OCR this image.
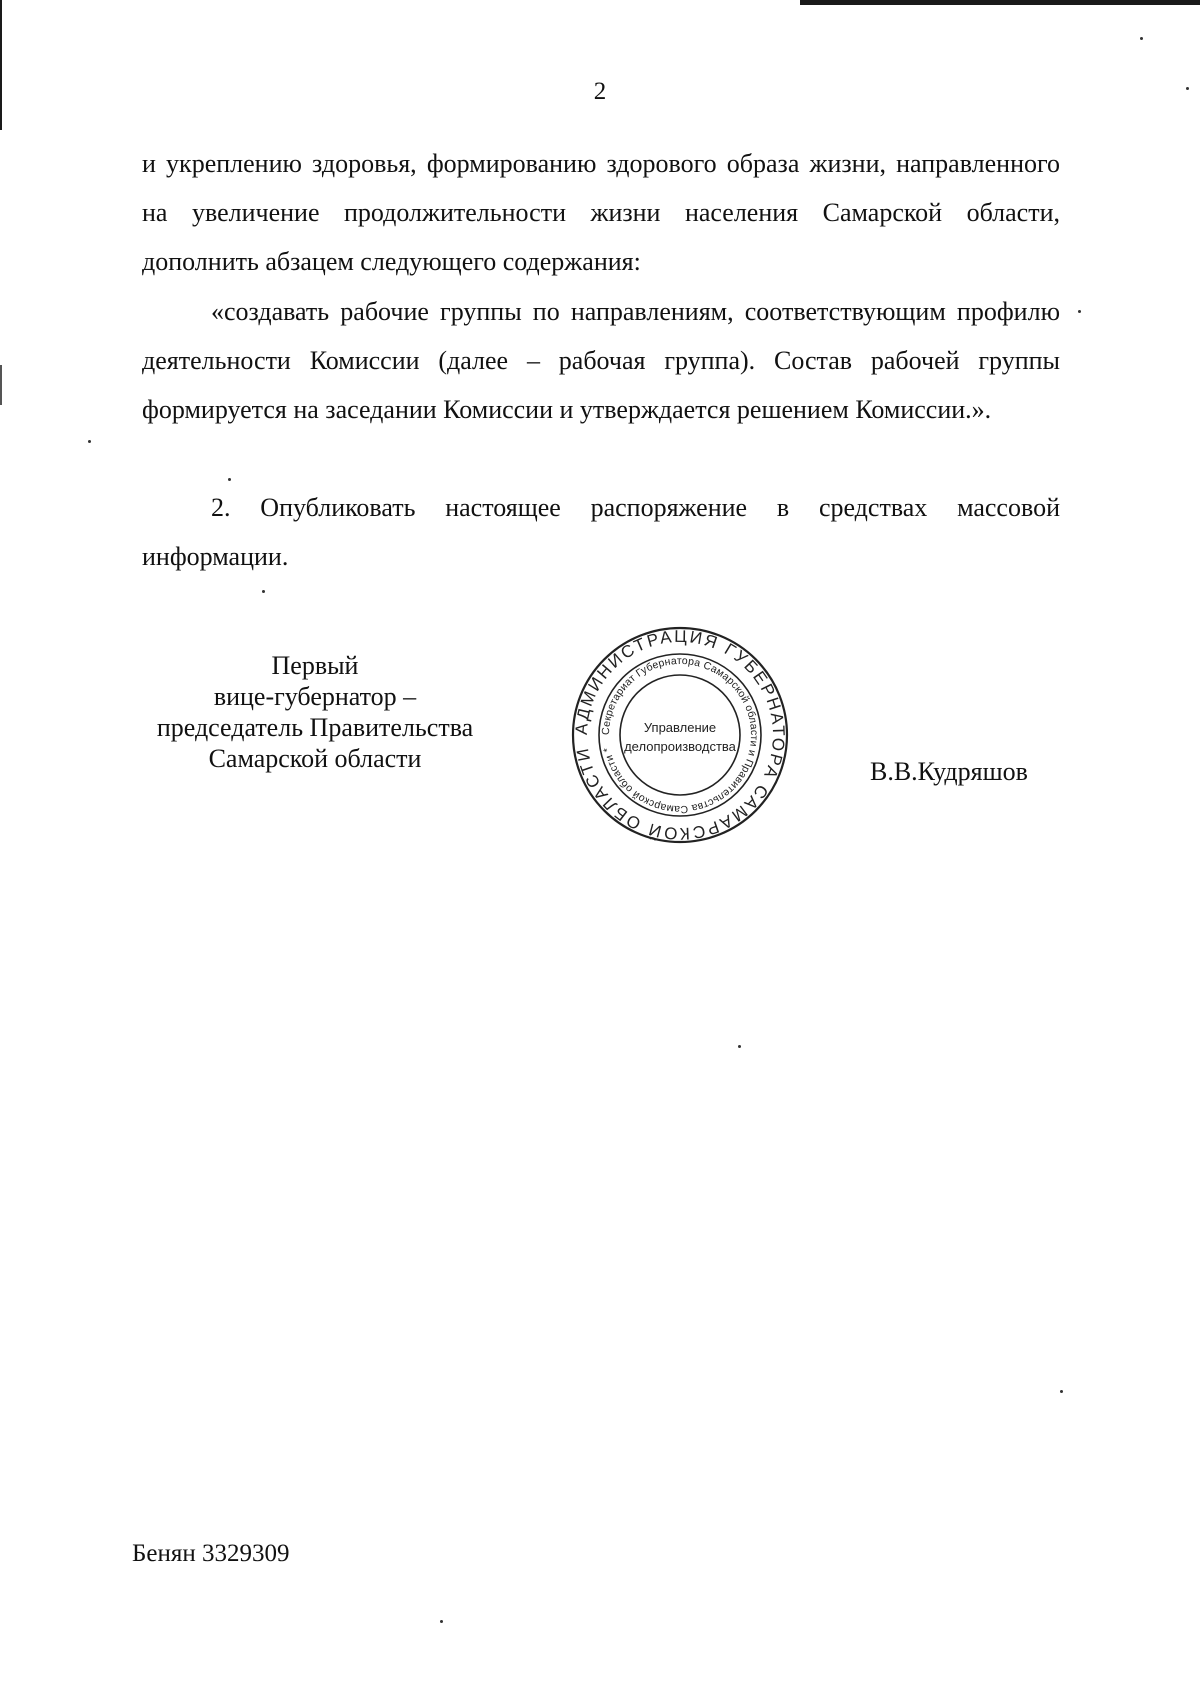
2

и укреплению здоровья, формированию здорового образа жизни, направленного на увеличение продолжительности жизни населения Самарской области, дополнить абзацем следующего содержания:

«создавать рабочие группы по направлениям, соответствующим профилю деятельности Комиссии (далее – рабочая группа). Состав рабочей группы формируется на заседании Комиссии и утверждается решением Комиссии.».

2. Опубликовать настоящее распоряжение в средствах массовой информации.

Первый
вице-губернатор –
председатель Правительства
Самарской области
АДМИНИСТРАЦИЯ ГУБЕРНАТОРА САМАРСКОЙ ОБЛАСТИ
Секретариат Губернатора Самарской области и Правительства Самарской области *
Управление
делопроизводства
В.В.Кудряшов
Бенян 3329309
